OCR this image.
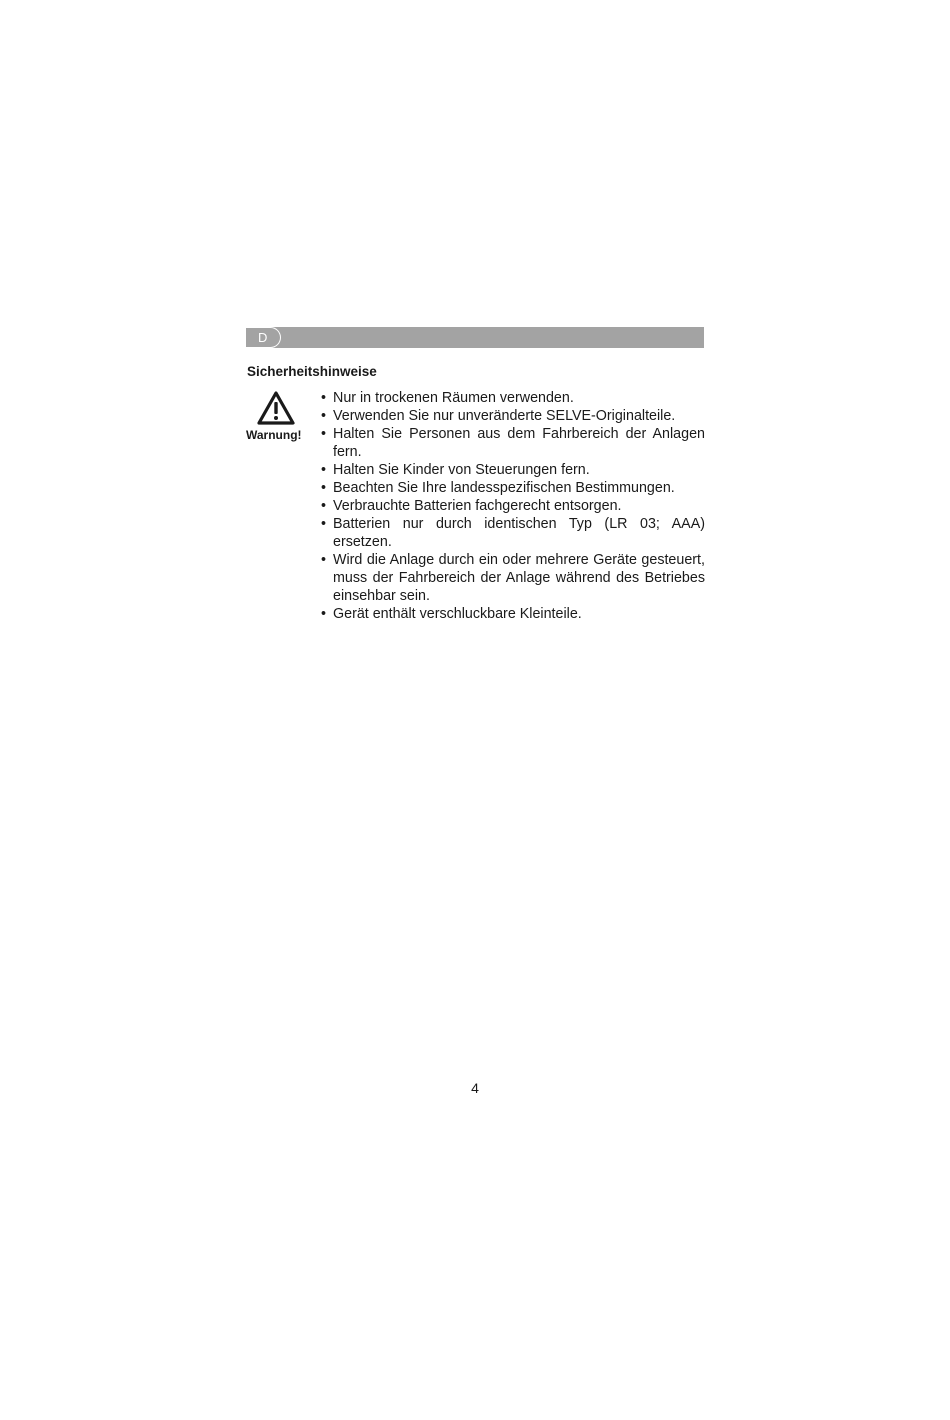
D
Sicherheitshinweise
Warnung!
• Nur in trockenen Räumen verwenden.
• Verwenden Sie nur unveränderte SELVE-Originalteile.
• Halten Sie Personen aus dem Fahrbereich der Anlagen fern.
• Halten Sie Kinder von Steuerungen fern.
• Beachten Sie Ihre landesspezifischen Bestimmungen.
• Verbrauchte Batterien fachgerecht entsorgen.
• Batterien nur durch identischen Typ (LR 03; AAA) ersetzen.
• Wird die Anlage durch ein oder mehrere Geräte gesteuert, muss der Fahrbereich der Anlage während des Betriebes einsehbar sein.
• Gerät enthält verschluckbare Kleinteile.
4
